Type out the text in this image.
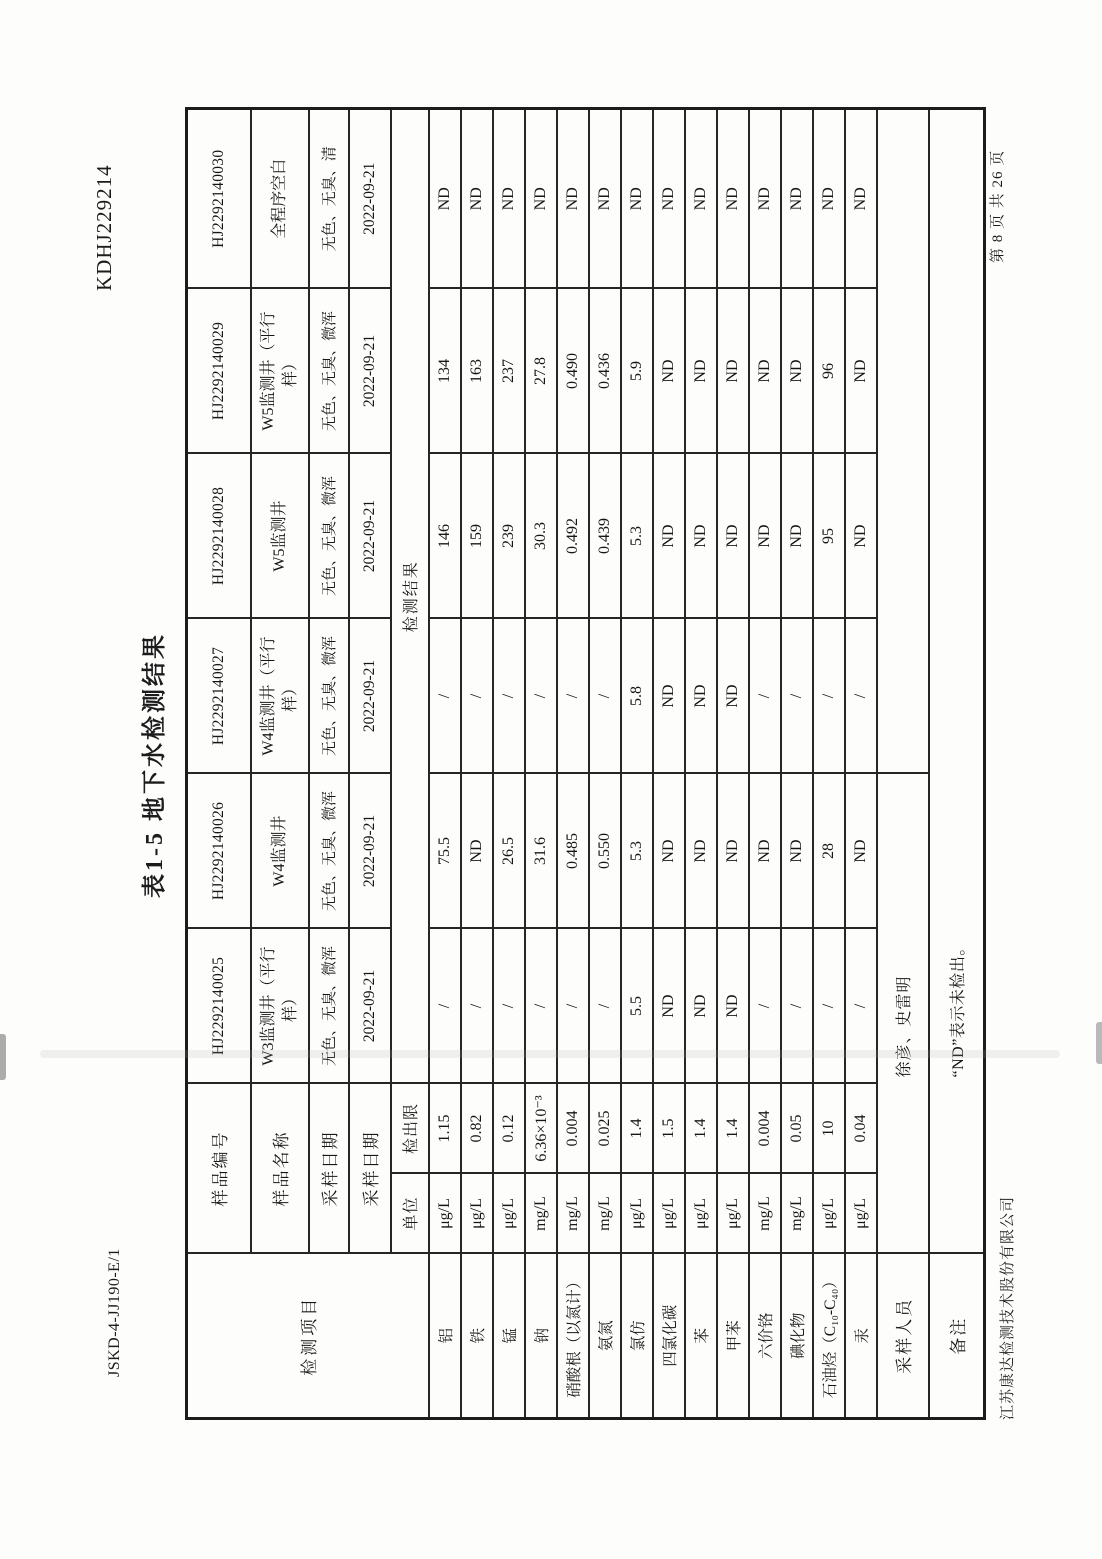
JSKD-4-JJ190-E/1
KDHJ229214
表1-5 地下水检测结果
检测项目	样品编号		HJ2292140025	HJ2292140026	HJ2292140027	HJ2292140028	HJ2292140029	HJ2292140030
	样品名称		W3监测井（平行样）	W4监测井	W4监测井（平行样）	W5监测井	W5监测井（平行样）	全程序空白
	采样日期		无色、无臭、微浑	无色、无臭、微浑	无色、无臭、微浑	无色、无臭、微浑	无色、无臭、微浑	无色、无臭、清
	采样日期		2022-09-21	2022-09-21	2022-09-21	2022-09-21	2022-09-21	2022-09-21
	单位	检出限	检测结果					
铝	μg/L	1.15	/	75.5	/	146	134	ND
铁	μg/L	0.82	/	ND	/	159	163	ND
锰	μg/L	0.12	/	26.5	/	239	237	ND
钠	mg/L	6.36×10⁻³	/	31.6	/	30.3	27.8	ND
硝酸根（以氮计）	mg/L	0.004	/	0.485	/	0.492	0.490	ND
氨氮	mg/L	0.025	/	0.550	/	0.439	0.436	ND
氯仿	μg/L	1.4	5.5	5.3	5.8	5.3	5.9	ND
四氯化碳	μg/L	1.5	ND	ND	ND	ND	ND	ND
苯	μg/L	1.4	ND	ND	ND	ND	ND	ND
甲苯	μg/L	1.4	ND	ND	ND	ND	ND	ND
六价铬	mg/L	0.004	/	ND	/	ND	ND	ND
碘化物	mg/L	0.05	/	ND	/	ND	ND	ND
石油烃（C₁₀-C₄₀）	μg/L	10	/	28	/	95	96	ND
汞	μg/L	0.04	/	ND	/	ND	ND	ND
采样人员	徐彦、史雷明							
备注	“ND”表示未检出。							
江苏康达检测技术股份有限公司
第 8 页 共 26 页
